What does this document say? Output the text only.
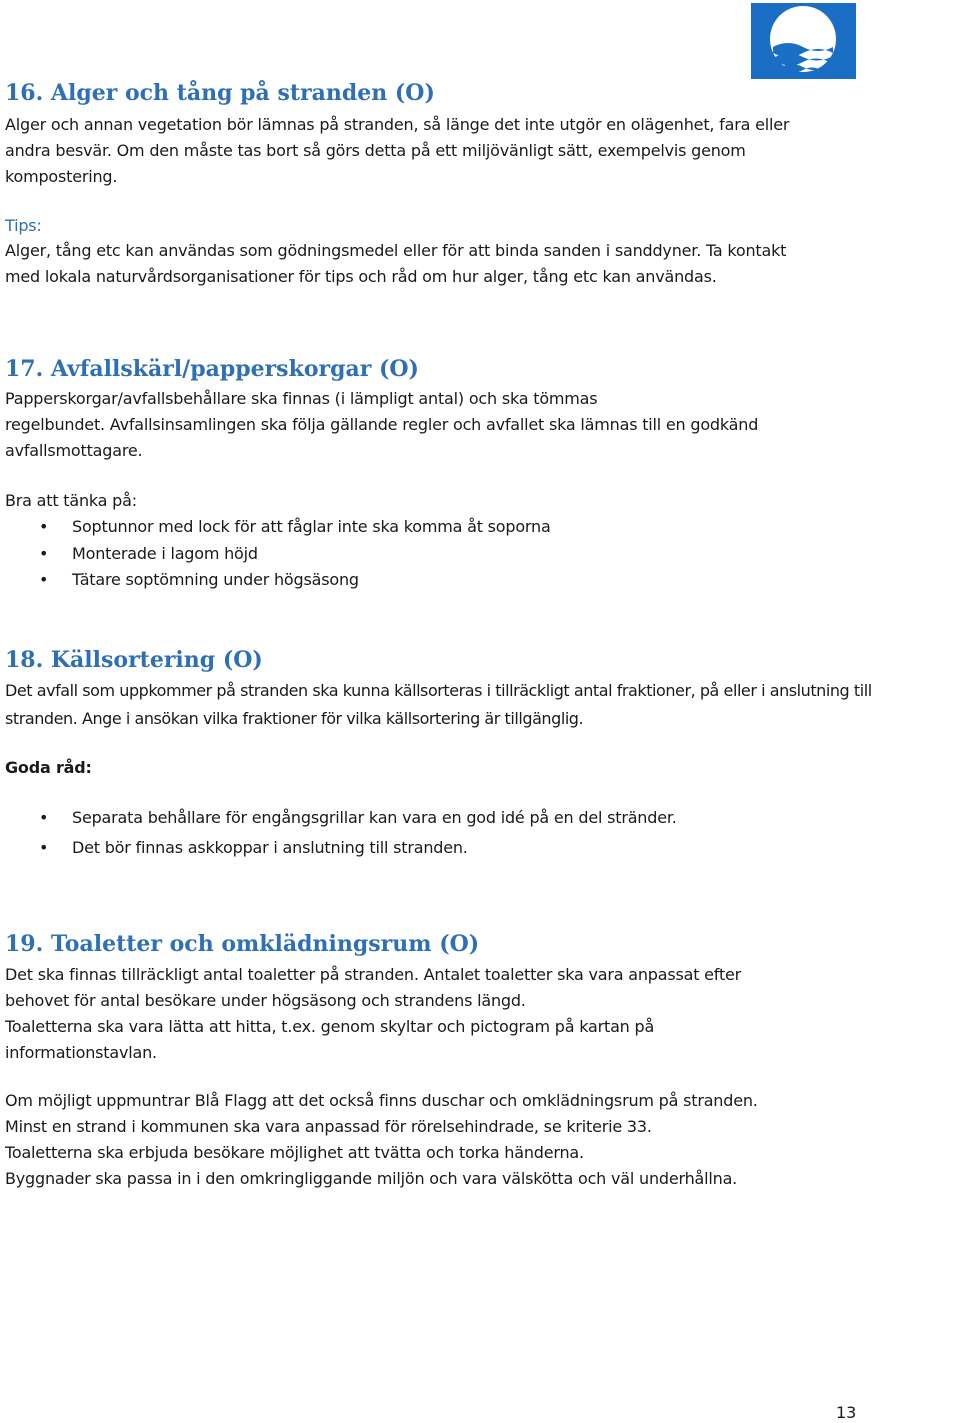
16. Alger och tång på stranden (O)
Alger och annan vegetation bör lämnas på stranden, så länge det inte utgör en olägenhet, fara eller
andra besvär. Om den måste tas bort så görs detta på ett miljövänligt sätt, exempelvis genom
kompostering.
Tips:
Alger, tång etc kan användas som gödningsmedel eller för att binda sanden i sanddyner. Ta kontakt
med lokala naturvårdsorganisationer för tips och råd om hur alger, tång etc kan användas.
17. Avfallskärl/papperskorgar (O)
Papperskorgar/avfallsbehållare ska finnas (i lämpligt antal) och ska tömmas
regelbundet. Avfallsinsamlingen ska följa gällande regler och avfallet ska lämnas till en godkänd
avfallsmottagare.
Bra att tänka på:
• Soptunnor med lock för att fåglar inte ska komma åt soporna
• Monterade i lagom höjd
• Tätare soptömning under högsäsong
18. Källsortering (O)
Det avfall som uppkommer på stranden ska kunna källsorteras i tillräckligt antal fraktioner, på eller i anslutning till
stranden. Ange i ansökan vilka fraktioner för vilka källsortering är tillgänglig.
Goda råd:
• Separata behållare för engångsgrillar kan vara en god idé på en del stränder.
• Det bör finnas askkoppar i anslutning till stranden.
19. Toaletter och omklädningsrum (O)
Det ska finnas tillräckligt antal toaletter på stranden. Antalet toaletter ska vara anpassat efter
behovet för antal besökare under högsäsong och strandens längd.
Toaletterna ska vara lätta att hitta, t.ex. genom skyltar och pictogram på kartan på
informationstavlan.
Om möjligt uppmuntrar Blå Flagg att det också finns duschar och omklädningsrum på stranden.
Minst en strand i kommunen ska vara anpassad för rörelsehindrade, se kriterie 33.
Toaletterna ska erbjuda besökare möjlighet att tvätta och torka händerna.
Byggnader ska passa in i den omkringliggande miljön och vara välskötta och väl underhållna.
13
